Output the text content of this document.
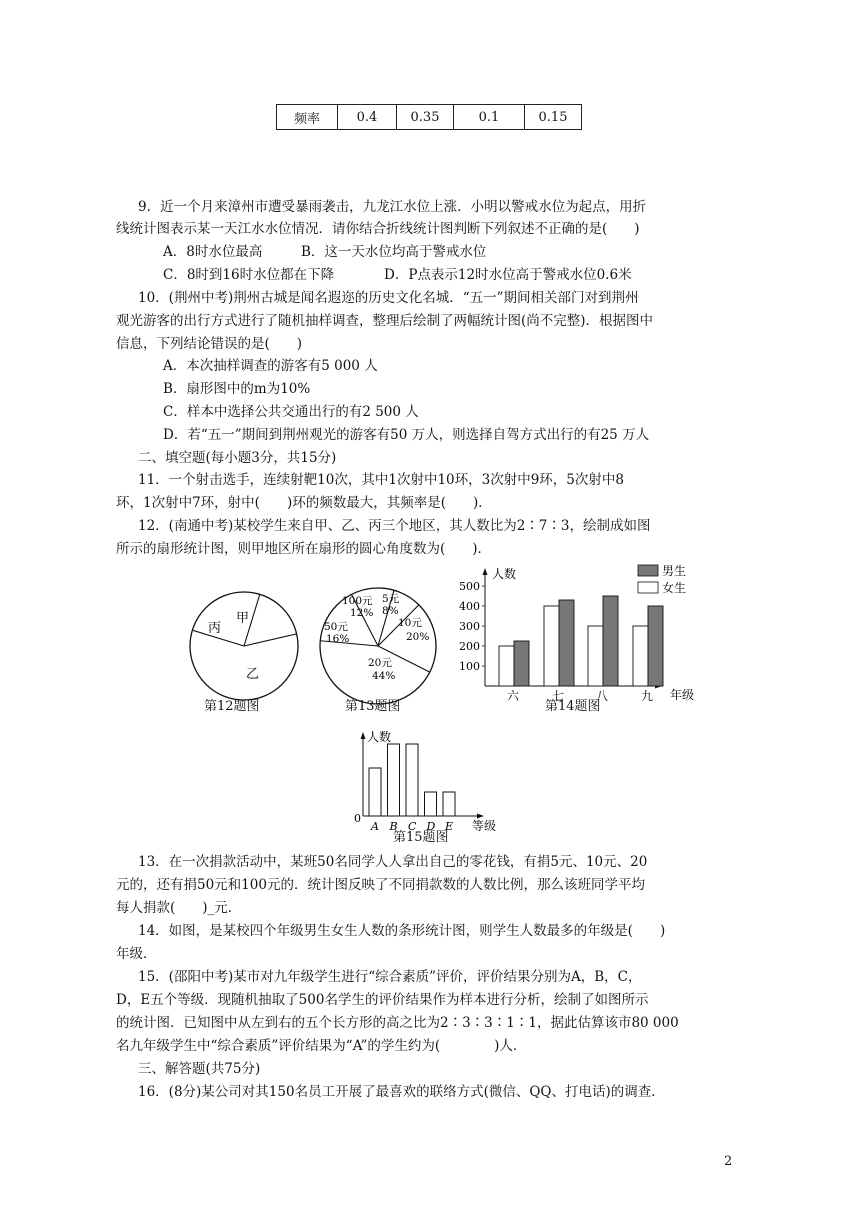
频率	0.4	0.35	0.1	0.15
9．近一个月来漳州市遭受暴雨袭击，九龙江水位上涨．小明以警戒水位为起点，用折
线统计图表示某一天江水水位情况．请你结合折线统计图判断下列叙述不正确的是(　　)
A．8时水位最高	B．这一天水位均高于警戒水位
C．8时到16时水位都在下降	D．P点表示12时水位高于警戒水位0.6米
10．(荆州中考)荆州古城是闻名遐迩的历史文化名城．“五一”期间相关部门对到荆州
观光游客的出行方式进行了随机抽样调查，整理后绘制了两幅统计图(尚不完整)．根据图中
信息，下列结论错误的是(　　)
A．本次抽样调查的游客有5 000 人
B．扇形图中的m为10%
C．样本中选择公共交通出行的有2 500 人
D．若“五一”期间到荆州观光的游客有50 万人，则选择自驾方式出行的有25 万人
二、填空题(每小题3分，共15分)
11．一个射击选手，连续射靶10次，其中1次射中10环，3次射中9环，5次射中8
环，1次射中7环，射中(　　)环的频数最大，其频率是(　　)．
12．(南通中考)某校学生来自甲、乙、丙三个地区，其人数比为2∶7∶3，绘制成如图
所示的扇形统计图，则甲地区所在扇形的圆心角度数为(　　)．
甲
乙
丙
第12题图
100元
12%
5元
8%
10元
20%
20元
44%
50元
16%
第13题图
人数
年级
100
200
300
400
500
六	七	八	九
男生
女生
第14题图
人数
0
等级
A B C D E
第15题图
13．在一次捐款活动中，某班50名同学人人拿出自己的零花钱，有捐5元、10元、20
元的，还有捐50元和100元的．统计图反映了不同捐款数的人数比例，那么该班同学平均
每人捐款(　　)_元．
14．如图，是某校四个年级男生女生人数的条形统计图，则学生人数最多的年级是(　　)
年级．
15．(邵阳中考)某市对九年级学生进行“综合素质”评价，评价结果分别为A，B，C，
D，E五个等级．现随机抽取了500名学生的评价结果作为样本进行分析，绘制了如图所示
的统计图．已知图中从左到右的五个长方形的高之比为2∶3∶3∶1∶1，据此估算该市80 000
名九年级学生中“综合素质”评价结果为“A”的学生约为(　　　　)人．
三、解答题(共75分)
16．(8分)某公司对其150名员工开展了最喜欢的联络方式(微信、QQ、打电话)的调查．
2
